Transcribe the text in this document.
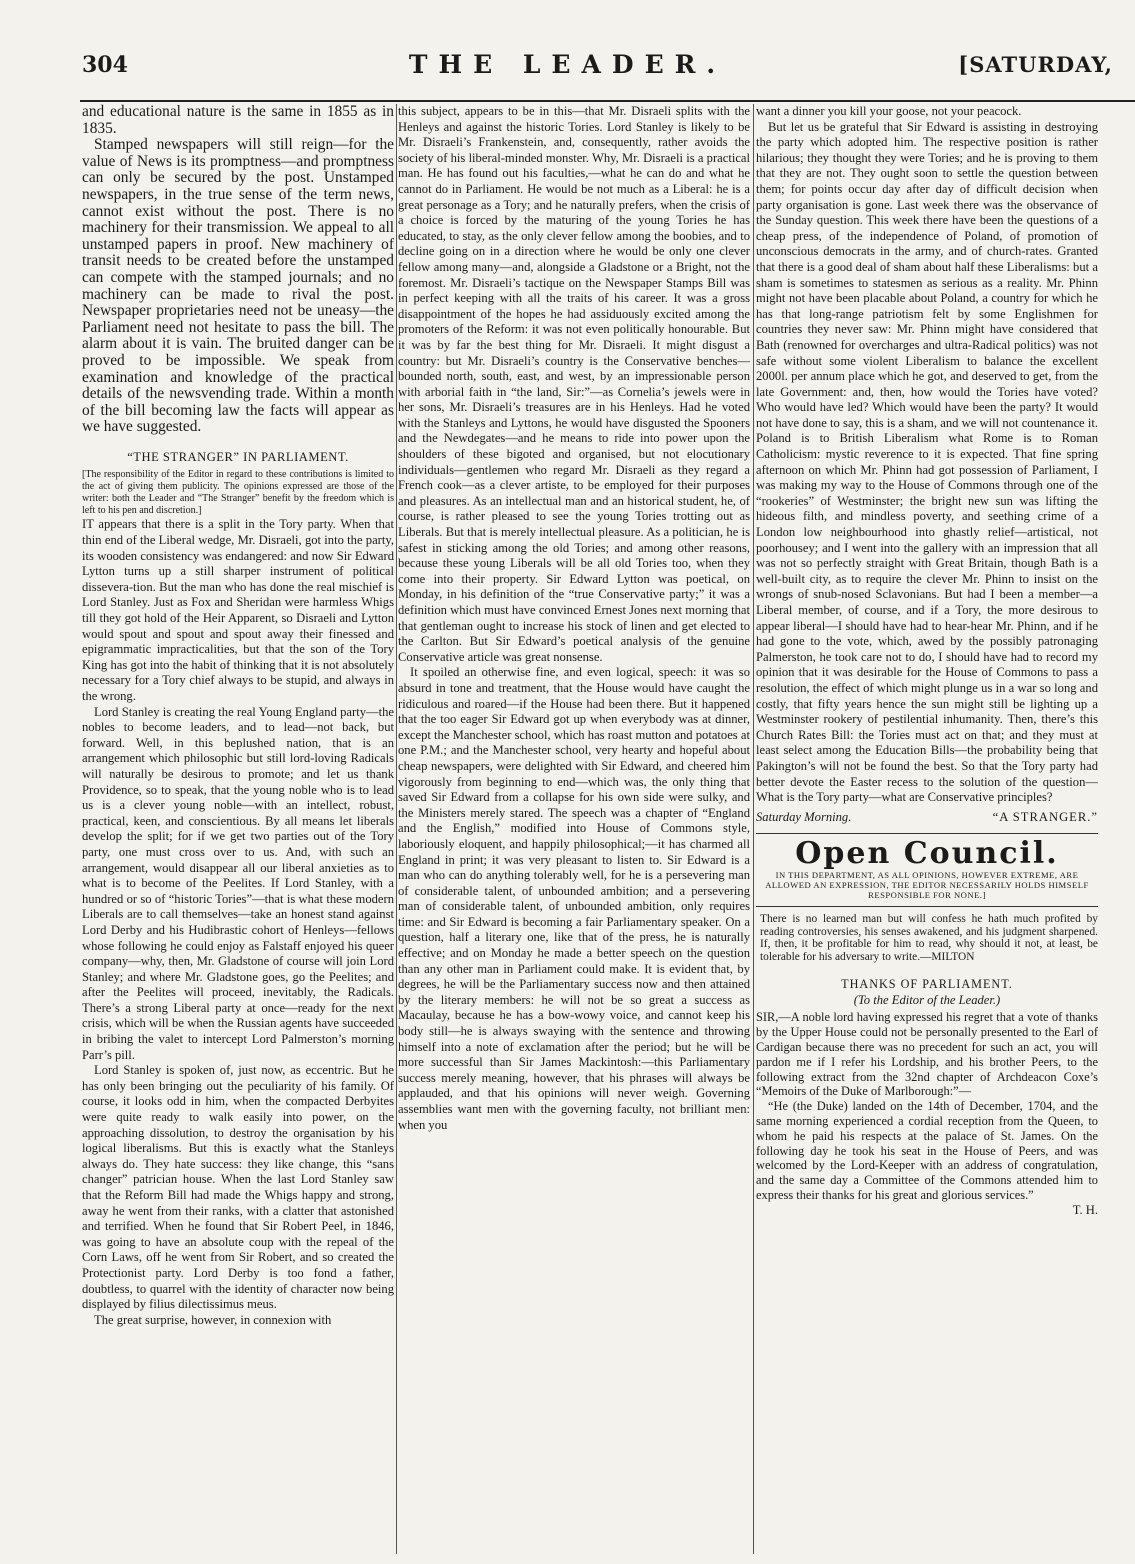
304	THE LEADER.	[SATURDAY,

and educational nature is the same in 1855 as in 1835.

Stamped newspapers will still reign—for the value of News is its promptness—and promptness can only be secured by the post. Unstamped newspapers, in the true sense of the term news, cannot exist without the post. There is no machinery for their transmission. We appeal to all unstamped papers in proof. New machinery of transit needs to be created before the unstamped can compete with the stamped journals; and no machinery can be made to rival the post. Newspaper proprietaries need not be uneasy—the Parliament need not hesitate to pass the bill. The alarm about it is vain. The bruited danger can be proved to be impossible. We speak from examination and knowledge of the practical details of the newsvending trade. Within a month of the bill becoming law the facts will appear as we have suggested.

“THE STRANGER” IN PARLIAMENT.

[The responsibility of the Editor in regard to these contributions is limited to the act of giving them publicity. The opinions expressed are those of the writer: both the Leader and “The Stranger” benefit by the freedom which is left to his pen and discretion.]

IT appears that there is a split in the Tory party. When that thin end of the Liberal wedge, Mr. Disraeli, got into the party, its wooden consistency was endangered: and now Sir Edward Lytton turns up a still sharper instrument of political dissevera-tion. But the man who has done the real mischief is Lord Stanley. Just as Fox and Sheridan were harmless Whigs till they got hold of the Heir Apparent, so Disraeli and Lytton would spout and spout and spout away their finessed and epigrammatic impracticalities, but that the son of the Tory King has got into the habit of thinking that it is not absolutely necessary for a Tory chief always to be stupid, and always in the wrong.

Lord Stanley is creating the real Young England party—the nobles to become leaders, and to lead—not back, but forward. Well, in this beplushed nation, that is an arrangement which philosophic but still lord-loving Radicals will naturally be desirous to promote; and let us thank Providence, so to speak, that the young noble who is to lead us is a clever young noble—with an intellect, robust, practical, keen, and conscientious. By all means let liberals develop the split; for if we get two parties out of the Tory party, one must cross over to us. And, with such an arrangement, would disappear all our liberal anxieties as to what is to become of the Peelites. If Lord Stanley, with a hundred or so of “historic Tories”—that is what these modern Liberals are to call themselves—take an honest stand against Lord Derby and his Hudibrastic cohort of Henleys—fellows whose following he could enjoy as Falstaff enjoyed his queer company—why, then, Mr. Gladstone of course will join Lord Stanley; and where Mr. Gladstone goes, go the Peelites; and after the Peelites will proceed, inevitably, the Radicals. There’s a strong Liberal party at once—ready for the next crisis, which will be when the Russian agents have succeeded in bribing the valet to intercept Lord Palmerston’s morning Parr’s pill.

Lord Stanley is spoken of, just now, as eccentric. But he has only been bringing out the peculiarity of his family. Of course, it looks odd in him, when the compacted Derbyites were quite ready to walk easily into power, on the approaching dissolution, to destroy the organisation by his logical liberalisms. But this is exactly what the Stanleys always do. They hate success: they like change, this “sans changer” patrician house. When the last Lord Stanley saw that the Reform Bill had made the Whigs happy and strong, away he went from their ranks, with a clatter that astonished and terrified. When he found that Sir Robert Peel, in 1846, was going to have an absolute coup with the repeal of the Corn Laws, off he went from Sir Robert, and so created the Protectionist party. Lord Derby is too fond a father, doubtless, to quarrel with the identity of character now being displayed by filius dilectissimus meus.

The great surprise, however, in connexion with

this subject, appears to be in this—that Mr. Disraeli splits with the Henleys and against the historic Tories. Lord Stanley is likely to be Mr. Disraeli’s Frankenstein, and, consequently, rather avoids the society of his liberal-minded monster. Why, Mr. Disraeli is a practical man. He has found out his faculties,—what he can do and what he cannot do in Parliament. He would be not much as a Liberal: he is a great personage as a Tory; and he naturally prefers, when the crisis of a choice is forced by the maturing of the young Tories he has educated, to stay, as the only clever fellow among the boobies, and to decline going on in a direction where he would be only one clever fellow among many—and, alongside a Gladstone or a Bright, not the foremost. Mr. Disraeli’s tactique on the Newspaper Stamps Bill was in perfect keeping with all the traits of his career. It was a gross disappointment of the hopes he had assiduously excited among the promoters of the Reform: it was not even politically honourable. But it was by far the best thing for Mr. Disraeli. It might disgust a country: but Mr. Disraeli’s country is the Conservative benches—bounded north, south, east, and west, by an impressionable person with arborial faith in “the land, Sir:”—as Cornelia’s jewels were in her sons, Mr. Disraeli’s treasures are in his Henleys. Had he voted with the Stanleys and Lyttons, he would have disgusted the Spooners and the Newdegates—and he means to ride into power upon the shoulders of these bigoted and organised, but not elocutionary individuals—gentlemen who regard Mr. Disraeli as they regard a French cook—as a clever artiste, to be employed for their purposes and pleasures. As an intellectual man and an historical student, he, of course, is rather pleased to see the young Tories trotting out as Liberals. But that is merely intellectual pleasure. As a politician, he is safest in sticking among the old Tories; and among other reasons, because these young Liberals will be all old Tories too, when they come into their property. Sir Edward Lytton was poetical, on Monday, in his definition of the “true Conservative party;” it was a definition which must have convinced Ernest Jones next morning that that gentleman ought to increase his stock of linen and get elected to the Carlton. But Sir Edward’s poetical analysis of the genuine Conservative article was great nonsense.

It spoiled an otherwise fine, and even logical, speech: it was so absurd in tone and treatment, that the House would have caught the ridiculous and roared—if the House had been there. But it happened that the too eager Sir Edward got up when everybody was at dinner, except the Manchester school, which has roast mutton and potatoes at one P.M.; and the Manchester school, very hearty and hopeful about cheap newspapers, were delighted with Sir Edward, and cheered him vigorously from beginning to end—which was, the only thing that saved Sir Edward from a collapse for his own side were sulky, and the Ministers merely stared. The speech was a chapter of “England and the English,” modified into House of Commons style, laboriously eloquent, and happily philosophical;—it has charmed all England in print; it was very pleasant to listen to. Sir Edward is a man who can do anything tolerably well, for he is a persevering man of considerable talent, of unbounded ambition; and a persevering man of considerable talent, of unbounded ambition, only requires time: and Sir Edward is becoming a fair Parliamentary speaker. On a question, half a literary one, like that of the press, he is naturally effective; and on Monday he made a better speech on the question than any other man in Parliament could make. It is evident that, by degrees, he will be the Parliamentary success now and then attained by the literary members: he will not be so great a success as Macaulay, because he has a bow-wowy voice, and cannot keep his body still—he is always swaying with the sentence and throwing himself into a note of exclamation after the period; but he will be more successful than Sir James Mackintosh:—this Parliamentary success merely meaning, however, that his phrases will always be applauded, and that his opinions will never weigh. Governing assemblies want men with the governing faculty, not brilliant men: when you

want a dinner you kill your goose, not your peacock.

But let us be grateful that Sir Edward is assisting in destroying the party which adopted him. The respective position is rather hilarious; they thought they were Tories; and he is proving to them that they are not. They ought soon to settle the question between them; for points occur day after day of difficult decision when party organisation is gone. Last week there was the observance of the Sunday question. This week there have been the questions of a cheap press, of the independence of Poland, of promotion of unconscious democrats in the army, and of church-rates. Granted that there is a good deal of sham about half these Liberalisms: but a sham is sometimes to statesmen as serious as a reality. Mr. Phinn might not have been placable about Poland, a country for which he has that long-range patriotism felt by some Englishmen for countries they never saw: Mr. Phinn might have considered that Bath (renowned for overcharges and ultra-Radical politics) was not safe without some violent Liberalism to balance the excellent 2000l. per annum place which he got, and deserved to get, from the late Government: and, then, how would the Tories have voted? Who would have led? Which would have been the party? It would not have done to say, this is a sham, and we will not countenance it. Poland is to British Liberalism what Rome is to Roman Catholicism: mystic reverence to it is expected. That fine spring afternoon on which Mr. Phinn had got possession of Parliament, I was making my way to the House of Commons through one of the “rookeries” of Westminster; the bright new sun was lifting the hideous filth, and mindless poverty, and seething crime of a London low neighbourhood into ghastly relief—artistical, not poorhousey; and I went into the gallery with an impression that all was not so perfectly straight with Great Britain, though Bath is a well-built city, as to require the clever Mr. Phinn to insist on the wrongs of snub-nosed Sclavonians. But had I been a member—a Liberal member, of course, and if a Tory, the more desirous to appear liberal—I should have had to hear-hear Mr. Phinn, and if he had gone to the vote, which, awed by the possibly patronaging Palmerston, he took care not to do, I should have had to record my opinion that it was desirable for the House of Commons to pass a resolution, the effect of which might plunge us in a war so long and costly, that fifty years hence the sun might still be lighting up a Westminster rookery of pestilential inhumanity. Then, there’s this Church Rates Bill: the Tories must act on that; and they must at least select among the Education Bills—the probability being that Pakington’s will not be found the best. So that the Tory party had better devote the Easter recess to the solution of the question—What is the Tory party—what are Conservative principles?

Saturday Morning.	“A STRANGER.”
Open Council.

IN THIS DEPARTMENT, AS ALL OPINIONS, HOWEVER EXTREME, ARE ALLOWED AN EXPRESSION, THE EDITOR NECESSARILY HOLDS HIMSELF RESPONSIBLE FOR NONE.]

There is no learned man but will confess he hath much profited by reading controversies, his senses awakened, and his judgment sharpened. If, then, it be profitable for him to read, why should it not, at least, be tolerable for his adversary to write.—MILTON

THANKS OF PARLIAMENT.
(To the Editor of the Leader.)

SIR,—A noble lord having expressed his regret that a vote of thanks by the Upper House could not be personally presented to the Earl of Cardigan because there was no precedent for such an act, you will pardon me if I refer his Lordship, and his brother Peers, to the following extract from the 32nd chapter of Archdeacon Coxe’s “Memoirs of the Duke of Marlborough:”—

“He (the Duke) landed on the 14th of December, 1704, and the same morning experienced a cordial reception from the Queen, to whom he paid his respects at the palace of St. James. On the following day he took his seat in the House of Peers, and was welcomed by the Lord-Keeper with an address of congratulation, and the same day a Committee of the Commons attended him to express their thanks for his great and glorious services.”

T. H.
